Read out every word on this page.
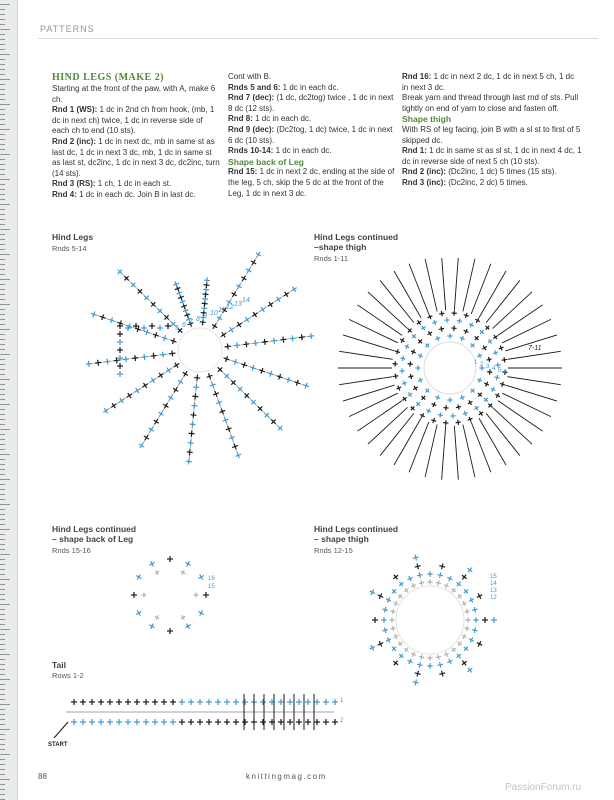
PATTERNS

HIND LEGS (MAKE 2)

Starting at the front of the paw, with A, make 6 ch.

Rnd 1 (WS): 1 dc in 2nd ch from hook, (mb, 1 dc in next ch) twice, 1 dc in reverse side of each ch to end (10 sts).

Rnd 2 (inc): 1 dc in next dc, mb in same st as last dc, 1 dc in next 3 dc, mb, 1 dc in same st as last st, dc2inc, 1 dc in next 3 dc, dc2inc, turn (14 sts).

Rnd 3 (RS): 1 ch, 1 dc in each st.

Rnd 4: 1 dc in each dc. Join B in last dc.

Cont with B.

Rnds 5 and 6: 1 dc in each dc.

Rnd 7 (dec): (1 dc, dc2tog) twice , 1 dc in next 8 dc (12 sts).

Rnd 8: 1 dc in each dc.

Rnd 9 (dec): (Dc2tog, 1 dc) twice, 1 dc in next 6 dc (10 sts).

Rnds 10-14: 1 dc in each dc.

Shape back of Leg

Rnd 15: 1 dc in next 2 dc, ending at the side of the leg, 5 ch, skip the 5 dc at the front of the Leg, 1 dc in next 3 dc.

Rnd 16: 1 dc in next 2 dc, 1 dc in next 5 ch, 1 dc in next 3 dc.

Break yarn and thread through last rnd of sts. Pull tightly on end of yarn to close and fasten off.

Shape thigh

With RS of leg facing, join B with a sl st to first of 5 skipped dc.

Rnd 1: 1 dc in same st as sl st, 1 dc in next 4 dc, 1 dc in reverse side of next 5 ch (10 sts).

Rnd 2 (inc): (Dc2inc, 1 dc) 5 times (15 sts).

Rnd 3 (inc): (Dc2inc, 2 dc) 5 times.

Hind Legs
Rnds 5-14
Hind Legs continued
–shape thigh
Rnds 1-11
Hind Legs continued
– shape back of Leg
Rnds 15-16
Hind Legs continued
– shape thigh
Rnds 12-15
Tail
Rows 1-2
14
13
12
11
10
9
8
7
6
5
7-11
1 2 3 4 5 6
16
15
15
14
13
12
START
1
2
88	knittingmag.com
PassionForum.ru
